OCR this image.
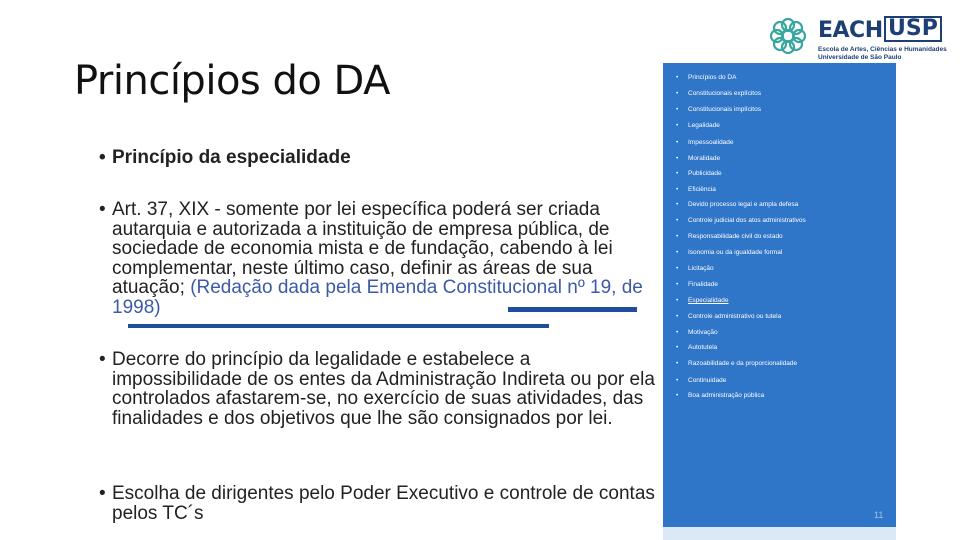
EACH USP
Escola de Artes, Ciências e Humanidades
Universidade de São Paulo
Princípios do DA
• Princípio da especialidade
• Art. 37, XIX - somente por lei específica poderá ser criada autarquia e autorizada a instituição de empresa pública, de sociedade de economia mista e de fundação, cabendo à lei complementar, neste último caso, definir as áreas de sua atuação; (Redação dada pela Emenda Constitucional nº 19, de 1998)
• Decorre do princípio da legalidade e estabelece a impossibilidade de os entes da Administração Indireta ou por ela controlados afastarem-se, no exercício de suas atividades, das finalidades e dos objetivos que lhe são consignados por lei.
• Escolha de dirigentes pelo Poder Executivo e controle de contas pelos TC´s
• Princípios do DA
• Constitucionais explícitos
• Constitucionais implícitos
• Legalidade
• Impessoalidade
• Moralidade
• Publicidade
• Eficiência
• Devido processo legal e ampla defesa
• Controle judicial dos atos administrativos
• Responsabilidade civil do estado
• Isonomia ou da igualdade formal
• Licitação
• Finalidade
• Especialidade
• Controle administrativo ou tutela
• Motivação
• Autotutela
• Razoabilidade e da proporcionalidade
• Continuidade
• Boa administração pública
11
